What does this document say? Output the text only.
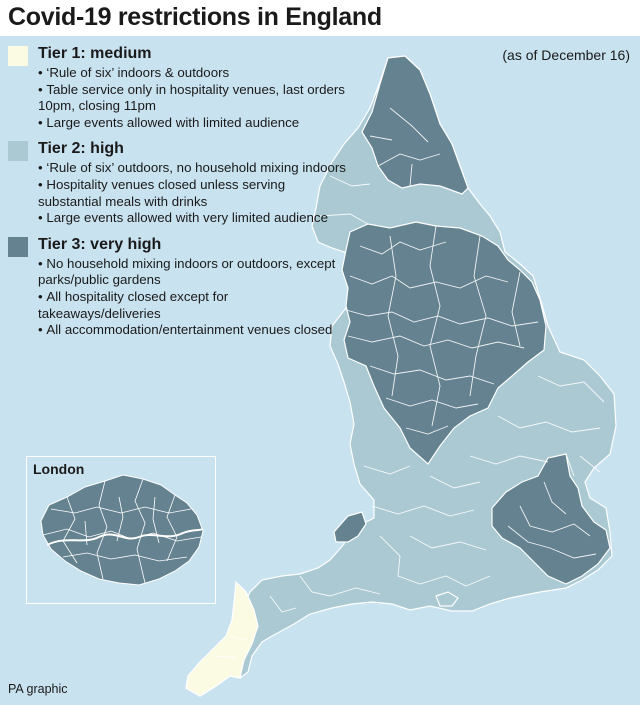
Covid-19 restrictions in England
(as of December 16)
Tier 1: medium
• ‘Rule of six’ indoors & outdoors
• Table service only in hospitality venues, last orders 10pm, closing 11pm
• Large events allowed with limited audience
Tier 2: high
• ‘Rule of six’ outdoors, no household mixing indoors
• Hospitality venues closed unless serving substantial meals with drinks
• Large events allowed with very limited audience
Tier 3: very high
• No household mixing indoors or outdoors, except parks/public gardens
• All hospitality closed except for takeaways/deliveries
• All accommodation/entertainment venues closed
London
PA graphic
